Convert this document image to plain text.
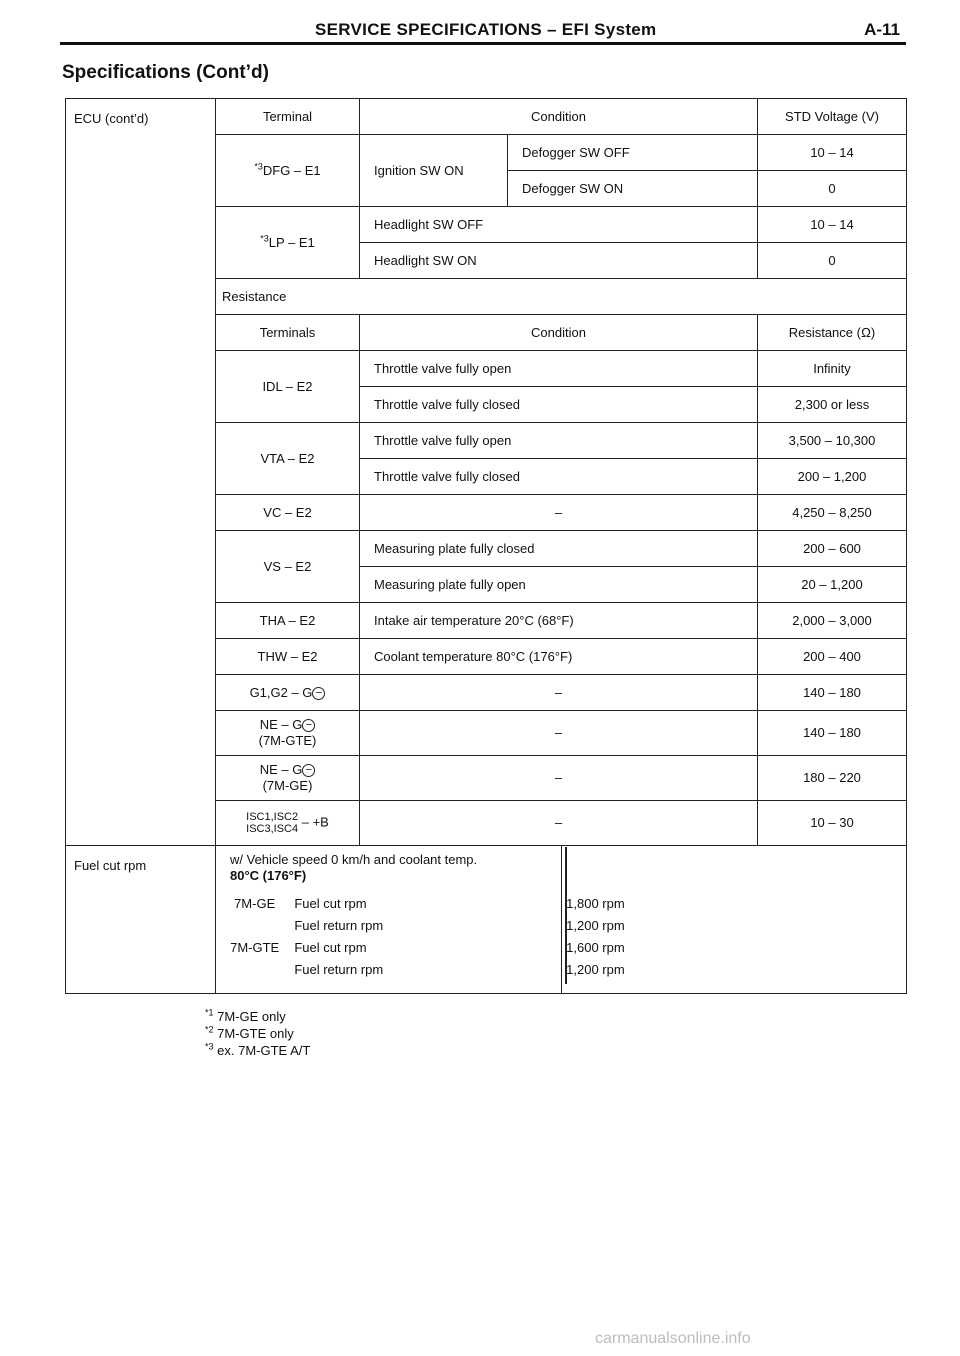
SERVICE SPECIFICATIONS – EFI System	A-11
Specifications (Cont’d)
ECU (cont’d)	Terminal	Condition			STD Voltage (V)
	$^{*3}$DFG – E1	Ignition SW ON	Defogger SW OFF		10 – 14
			Defogger SW ON		0
	$^{*3}$LP – E1	Headlight SW OFF			10 – 14
		Headlight SW ON			0
	Resistance				
	Terminals	Condition			Resistance (Ω)
	IDL – E2	Throttle valve fully open			Infinity
		Throttle valve fully closed			2,300 or less
	VTA – E2	Throttle valve fully open			3,500 – 10,300
		Throttle valve fully closed			200 – 1,200
	VC – E2	–			4,250 – 8,250
	VS – E2	Measuring plate fully closed			200 – 600
		Measuring plate fully open			20 – 1,200
	THA – E2	Intake air temperature 20°C (68°F)			2,000 – 3,000
	THW – E2	Coolant temperature 80°C (176°F)			200 – 400
	G1,G2 – G −	–			140 – 180
	NE – G −
(7M-GTE)	–			140 – 180
	NE – G −
(7M-GE)	–			180 – 220
	ISC1,ISC2
ISC3,ISC4 – +B	–			10 – 30
Fuel cut rpm	w/ Vehicle speed 0 km/h and coolant temp.
80°C (176°F)				

7M-GE	Fuel cut rpm	1,800 rpm
Fuel return rpm	1,200 rpm
7M-GTE	Fuel cut rpm	1,600 rpm
Fuel return rpm	1,200 rpm
$^{*1}$ 7M-GE only
$^{*2}$ 7M-GTE only
$^{*3}$ ex. 7M-GTE A/T
carmanualsonline.info
